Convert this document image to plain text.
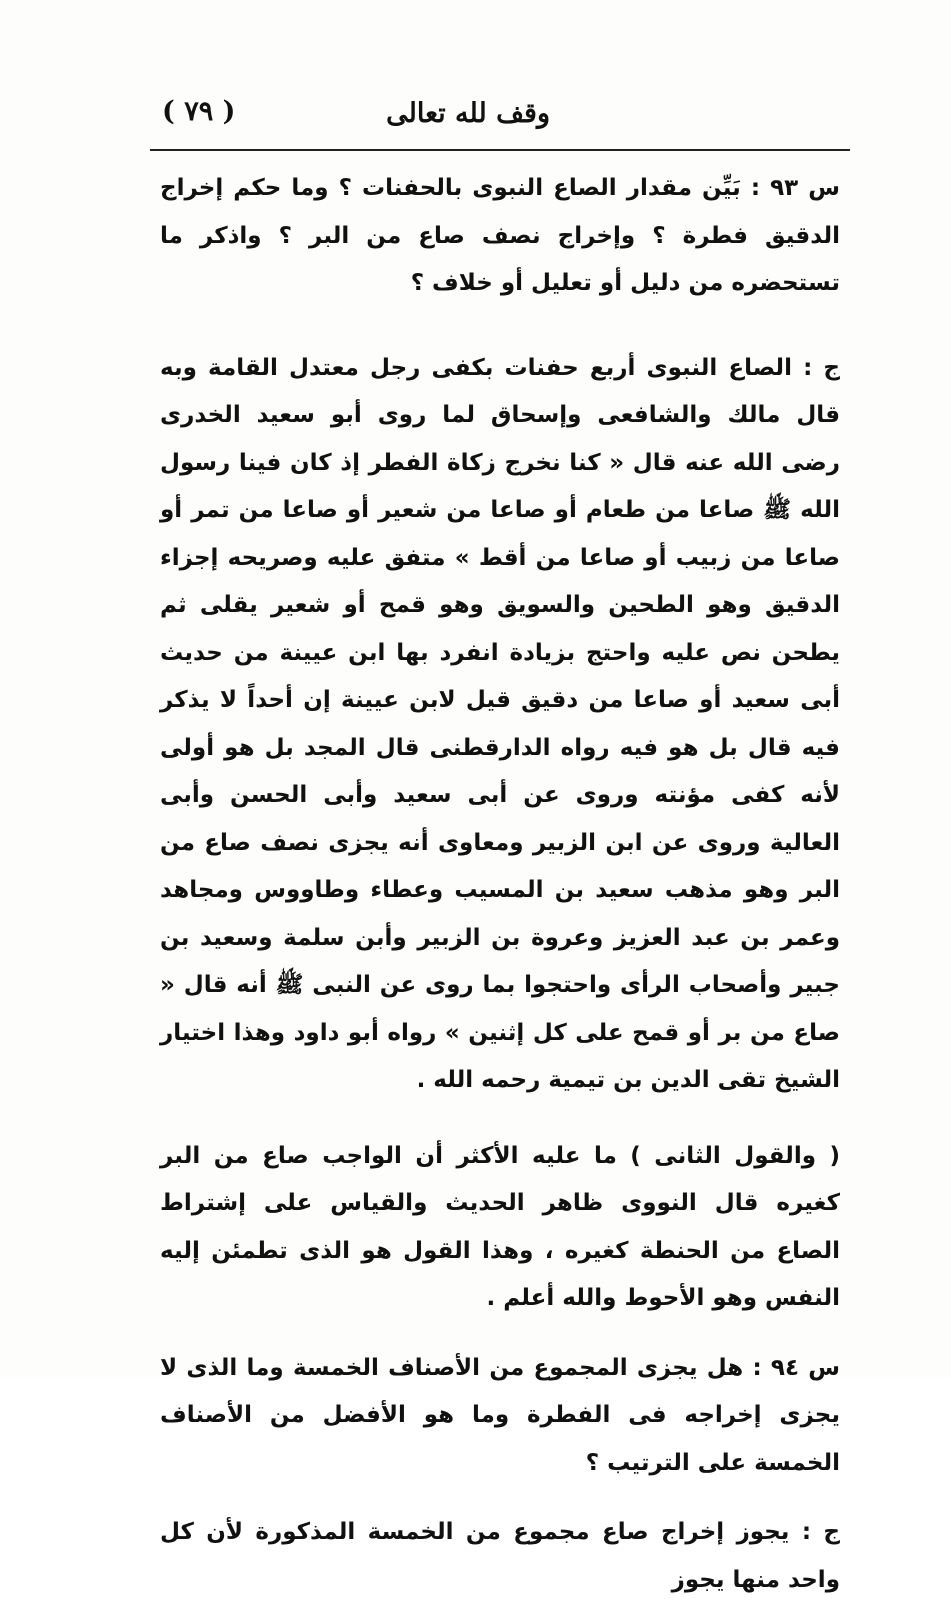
وقف لله تعالى
( ٧٩ )

س ٩٣ : بَيِّن مقدار الصاع النبوى بالحفنات ؟ وما حكم إخراج الدقيق فطرة ؟ وإخراج نصف صاع من البر ؟ واذكر ما تستحضره من دليل أو تعليل أو خلاف ؟

ج : الصاع النبوى أربع حفنات بكفى رجل معتدل القامة وبه قال مالك والشافعى وإسحاق لما روى أبو سعيد الخدرى رضى الله عنه قال « كنا نخرج زكاة الفطر إذ كان فينا رسول الله ﷺ صاعا من طعام أو صاعا من شعير أو صاعا من تمر أو صاعا من زبيب أو صاعا من أقط » متفق عليه وصريحه إجزاء الدقيق وهو الطحين والسويق وهو قمح أو شعير يقلى ثم يطحن نص عليه واحتج بزيادة انفرد بها ابن عيينة من حديث أبى سعيد أو صاعا من دقيق قيل لابن عيينة إن أحداً لا يذكر فيه قال بل هو فيه رواه الدارقطنى قال المجد بل هو أولى لأنه كفى مؤنته وروى عن أبى سعيد وأبى الحسن وأبى العالية وروى عن ابن الزبير ومعاوى أنه يجزى نصف صاع من البر وهو مذهب سعيد بن المسيب وعطاء وطاووس ومجاهد وعمر بن عبد العزيز وعروة بن الزبير وأبن سلمة وسعيد بن جبير وأصحاب الرأى واحتجوا بما روى عن النبى ﷺ أنه قال « صاع من بر أو قمح على كل إثنين » رواه أبو داود وهذا اختيار الشيخ تقى الدين بن تيمية رحمه الله .

( والقول الثانى ) ما عليه الأكثر أن الواجب صاع من البر كغيره قال النووى ظاهر الحديث والقياس على إشتراط الصاع من الحنطة كغيره ، وهذا القول هو الذى تطمئن إليه النفس وهو الأحوط والله أعلم .

س ٩٤ : هل يجزى المجموع من الأصناف الخمسة وما الذى لا يجزى إخراجه فى الفطرة وما هو الأفضل من الأصناف الخمسة على الترتيب ؟

ج : يجوز إخراج صاع مجموع من الخمسة المذكورة لأن كل واحد منها يجوز
